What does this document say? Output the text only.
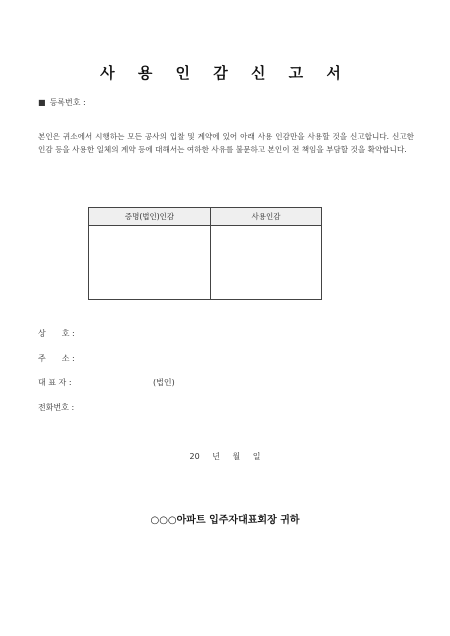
사 용 인 감 신 고 서
■ 등록번호 :
본인은 귀소에서 시행하는 모든 공사의 입찰 및 계약에 있어 아래 사용 인감만을 사용할 것을 신고합니다. 신고한 인감 등을 사용한 일체의 계약 등에 대해서는 여하한 사유를 불문하고 본인이 전 책임을 부담할 것을 확약합니다.
증명(법인)인감	사용인감

상　　호 :
주　　소 :
대 표 자 :	(법인)
전화번호 :
20 년 월 일
○○○아파트 입주자대표회장 귀하
